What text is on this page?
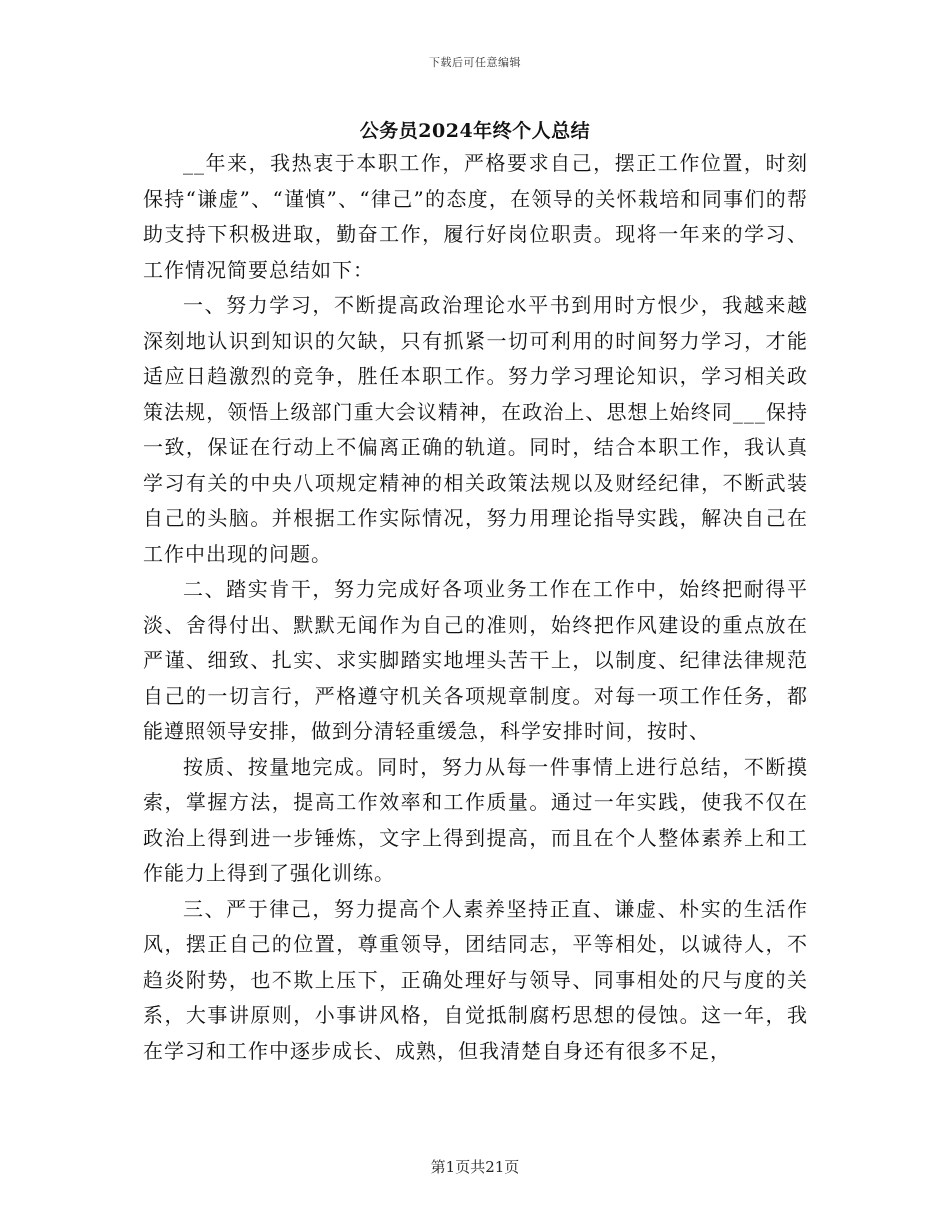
下载后可任意编辑
公务员2024年终个人总结

__年来，我热衷于本职工作，严格要求自己，摆正工作位置，时刻保持“谦虚”、“谨慎”、“律己”的态度，在领导的关怀栽培和同事们的帮助支持下积极进取，勤奋工作，履行好岗位职责。现将一年来的学习、工作情况简要总结如下：

一、努力学习，不断提高政治理论水平书到用时方恨少，我越来越深刻地认识到知识的欠缺，只有抓紧一切可利用的时间努力学习，才能适应日趋激烈的竞争，胜任本职工作。努力学习理论知识，学习相关政策法规，领悟上级部门重大会议精神，在政治上、思想上始终同___保持一致，保证在行动上不偏离正确的轨道。同时，结合本职工作，我认真学习有关的中央八项规定精神的相关政策法规以及财经纪律，不断武装自己的头脑。并根据工作实际情况，努力用理论指导实践，解决自己在工作中出现的问题。

二、踏实肯干，努力完成好各项业务工作在工作中，始终把耐得平淡、舍得付出、默默无闻作为自己的准则，始终把作风建设的重点放在严谨、细致、扎实、求实脚踏实地埋头苦干上，以制度、纪律法律规范自己的一切言行，严格遵守机关各项规章制度。对每一项工作任务，都能遵照领导安排，做到分清轻重缓急，科学安排时间，按时、

按质、按量地完成。同时，努力从每一件事情上进行总结，不断摸索，掌握方法，提高工作效率和工作质量。通过一年实践，使我不仅在政治上得到进一步锤炼，文字上得到提高，而且在个人整体素养上和工作能力上得到了强化训练。

三、严于律己，努力提高个人素养坚持正直、谦虚、朴实的生活作风，摆正自己的位置，尊重领导，团结同志，平等相处，以诚待人，不趋炎附势，也不欺上压下，正确处理好与领导、同事相处的尺与度的关系，大事讲原则，小事讲风格，自觉抵制腐朽思想的侵蚀。这一年，我在学习和工作中逐步成长、成熟，但我清楚自身还有很多不足，

第1页共21页
